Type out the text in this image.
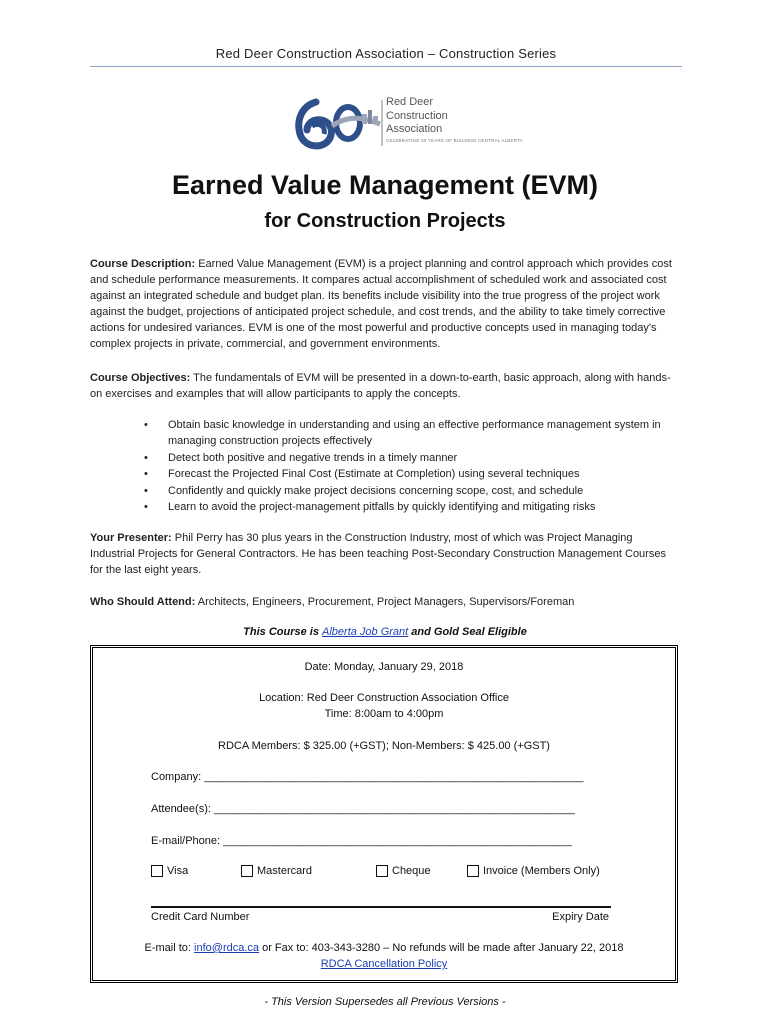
Red Deer Construction Association – Construction Series
Red Deer
Construction
Association
CELEBRATING 60 YEARS OF BUILDING CENTRAL ALBERTA
Earned Value Management (EVM)
for Construction Projects
Course Description: Earned Value Management (EVM) is a project planning and control approach which provides cost and schedule performance measurements. It compares actual accomplishment of scheduled work and associated cost against an integrated schedule and budget plan. Its benefits include visibility into the true progress of the project work against the budget, projections of anticipated project schedule, and cost trends, and the ability to take timely corrective actions for undesired variances. EVM is one of the most powerful and productive concepts used in managing today's complex projects in private, commercial, and government environments.
Course Objectives: The fundamentals of EVM will be presented in a down-to-earth, basic approach, along with hands-on exercises and examples that will allow participants to apply the concepts.
• Obtain basic knowledge in understanding and using an effective performance management system in managing construction projects effectively
• Detect both positive and negative trends in a timely manner
• Forecast the Projected Final Cost (Estimate at Completion) using several techniques
• Confidently and quickly make project decisions concerning scope, cost, and schedule
• Learn to avoid the project-management pitfalls by quickly identifying and mitigating risks
Your Presenter: Phil Perry has 30 plus years in the Construction Industry, most of which was Project Managing Industrial Projects for General Contractors. He has been teaching Post-Secondary Construction Management Courses for the last eight years.
Who Should Attend: Architects, Engineers, Procurement, Project Managers, Supervisors/Foreman
This Course is Alberta Job Grant and Gold Seal Eligible
Date: Monday, January 29, 2018
Location: Red Deer Construction Association Office
Time: 8:00am to 4:00pm
RDCA Members: $ 325.00 (+GST); Non-Members: $ 425.00 (+GST)
Company: ______________________________________________________________
Attendee(s): ___________________________________________________________
E-mail/Phone: _________________________________________________________
Visa	Mastercard	Cheque	Invoice (Members Only)
Credit Card Number	Expiry Date
E-mail to: info@rdca.ca or Fax to: 403-343-3280 – No refunds will be made after January 22, 2018
RDCA Cancellation Policy
- This Version Supersedes all Previous Versions -
